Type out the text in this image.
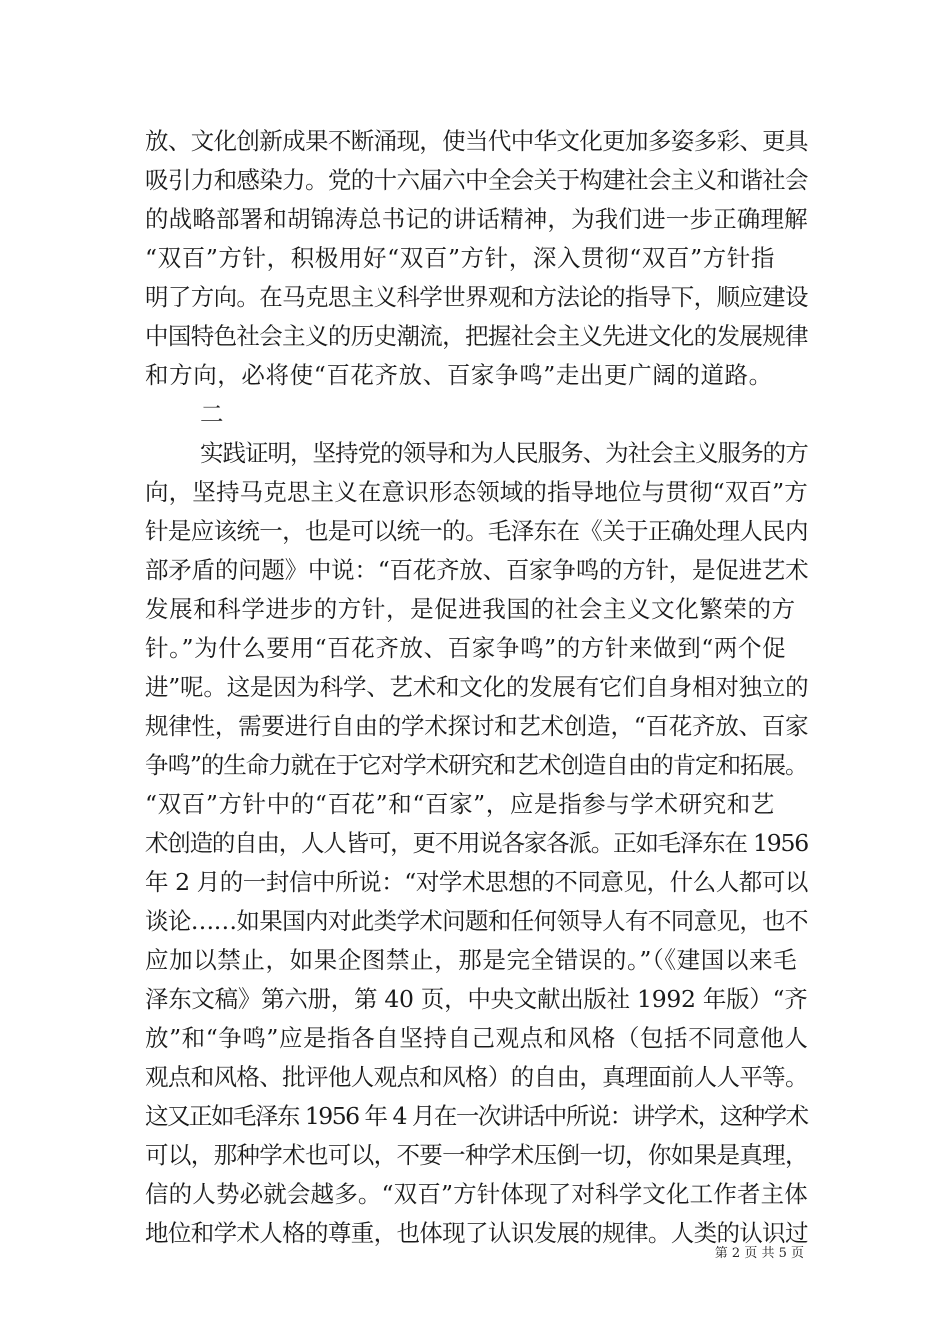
放、文化创新成果不断涌现，使当代中华文化更加多姿多彩、更具
吸引力和感染力。党的十六届六中全会关于构建社会主义和谐社会
的战略部署和胡锦涛总书记的讲话精神，为我们进一步正确理解
“双百”方针，积极用好“双百”方针，深入贯彻“双百”方针指
明了方向。在马克思主义科学世界观和方法论的指导下，顺应建设
中国特色社会主义的历史潮流，把握社会主义先进文化的发展规律
和方向，必将使“百花齐放、百家争鸣”走出更广阔的道路。
二
实践证明，坚持党的领导和为人民服务、为社会主义服务的方
向，坚持马克思主义在意识形态领域的指导地位与贯彻“双百”方
针是应该统一，也是可以统一的。毛泽东在《关于正确处理人民内
部矛盾的问题》中说：“百花齐放、百家争鸣的方针，是促进艺术
发展和科学进步的方针，是促进我国的社会主义文化繁荣的方
针。”为什么要用“百花齐放、百家争鸣”的方针来做到“两个促
进”呢。这是因为科学、艺术和文化的发展有它们自身相对独立的
规律性，需要进行自由的学术探讨和艺术创造，“百花齐放、百家
争鸣”的生命力就在于它对学术研究和艺术创造自由的肯定和拓展。
“双百”方针中的“百花”和“百家”，应是指参与学术研究和艺
术创造的自由，人人皆可，更不用说各家各派。正如毛泽东在 1956
年 2 月的一封信中所说：“对学术思想的不同意见，什么人都可以
谈论……如果国内对此类学术问题和任何领导人有不同意见，也不
应加以禁止，如果企图禁止，那是完全错误的。”（《建国以来毛
泽东文稿》第六册，第 40 页，中央文献出版社 1992 年版）“齐
放”和“争鸣”应是指各自坚持自己观点和风格（包括不同意他人
观点和风格、批评他人观点和风格）的自由，真理面前人人平等。
这又正如毛泽东 1956 年 4 月在一次讲话中所说：讲学术，这种学术
可以，那种学术也可以，不要一种学术压倒一切，你如果是真理，
信的人势必就会越多。“双百”方针体现了对科学文化工作者主体
地位和学术人格的尊重，也体现了认识发展的规律。人类的认识过
第 2 页 共 5 页
